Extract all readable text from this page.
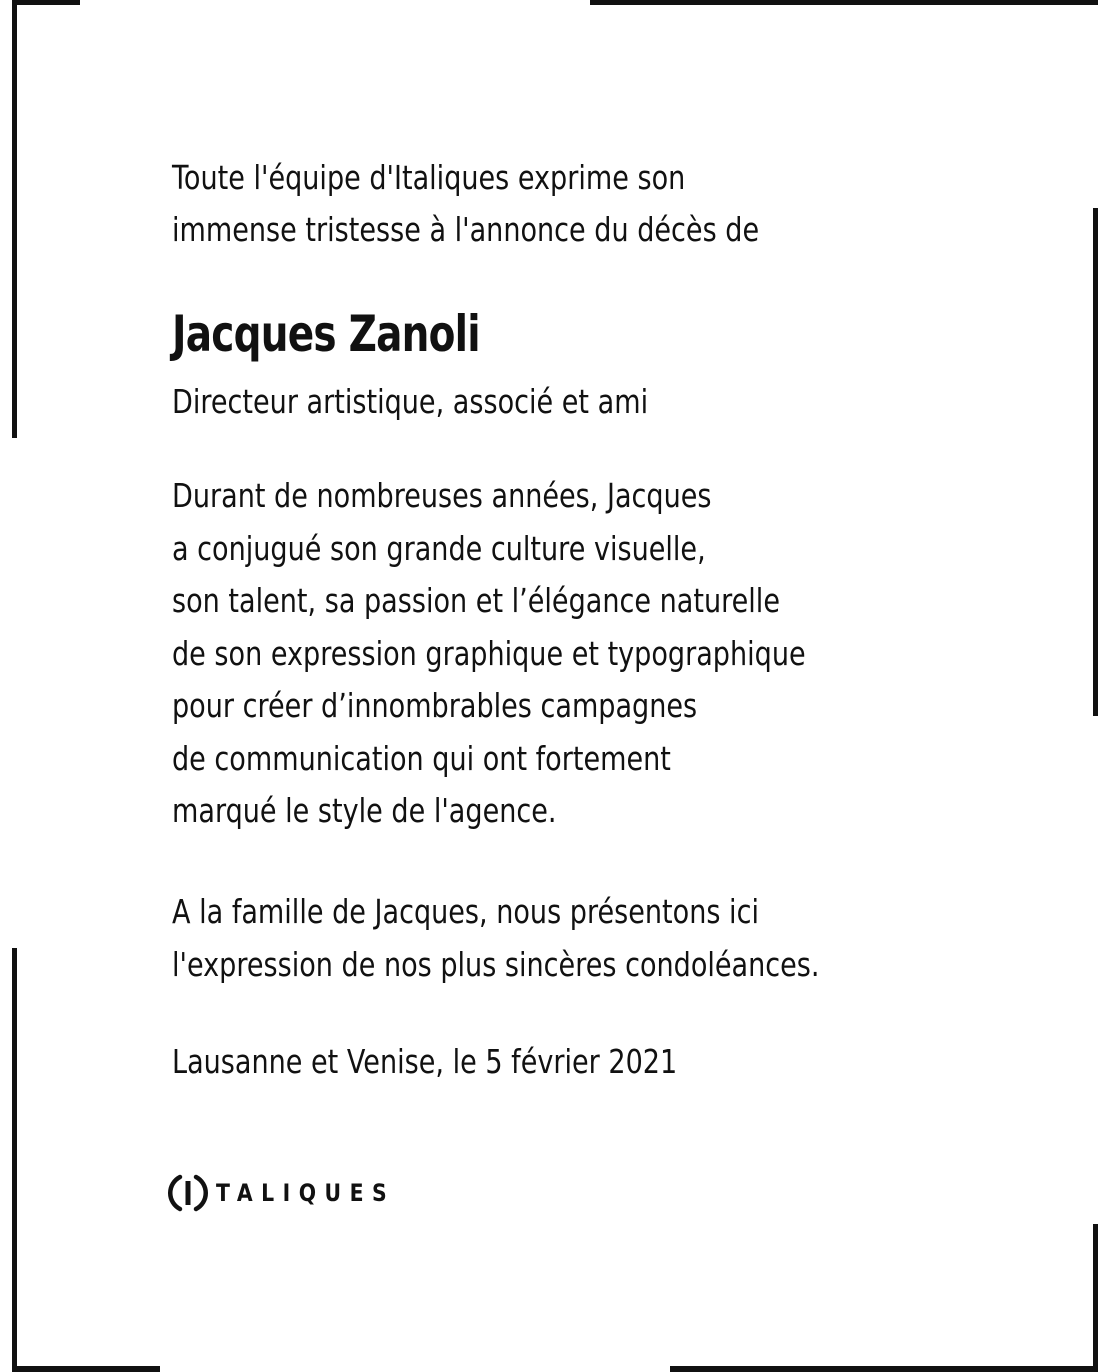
Toute l'équipe d'Italiques exprime son
immense tristesse à l'annonce du décès de

Jacques Zanoli

Directeur artistique, associé et ami

Durant de nombreuses années, Jacques
a conjugué son grande culture visuelle,
son talent, sa passion et l’élégance naturelle
de son expression graphique et typographique
pour créer d’innombrables campagnes
de communication qui ont fortement
marqué le style de l'agence.

A la famille de Jacques, nous présentons ici
l'expression de nos plus sincères condoléances.

Lausanne et Venise, le 5 février 2021

TALIQUES
